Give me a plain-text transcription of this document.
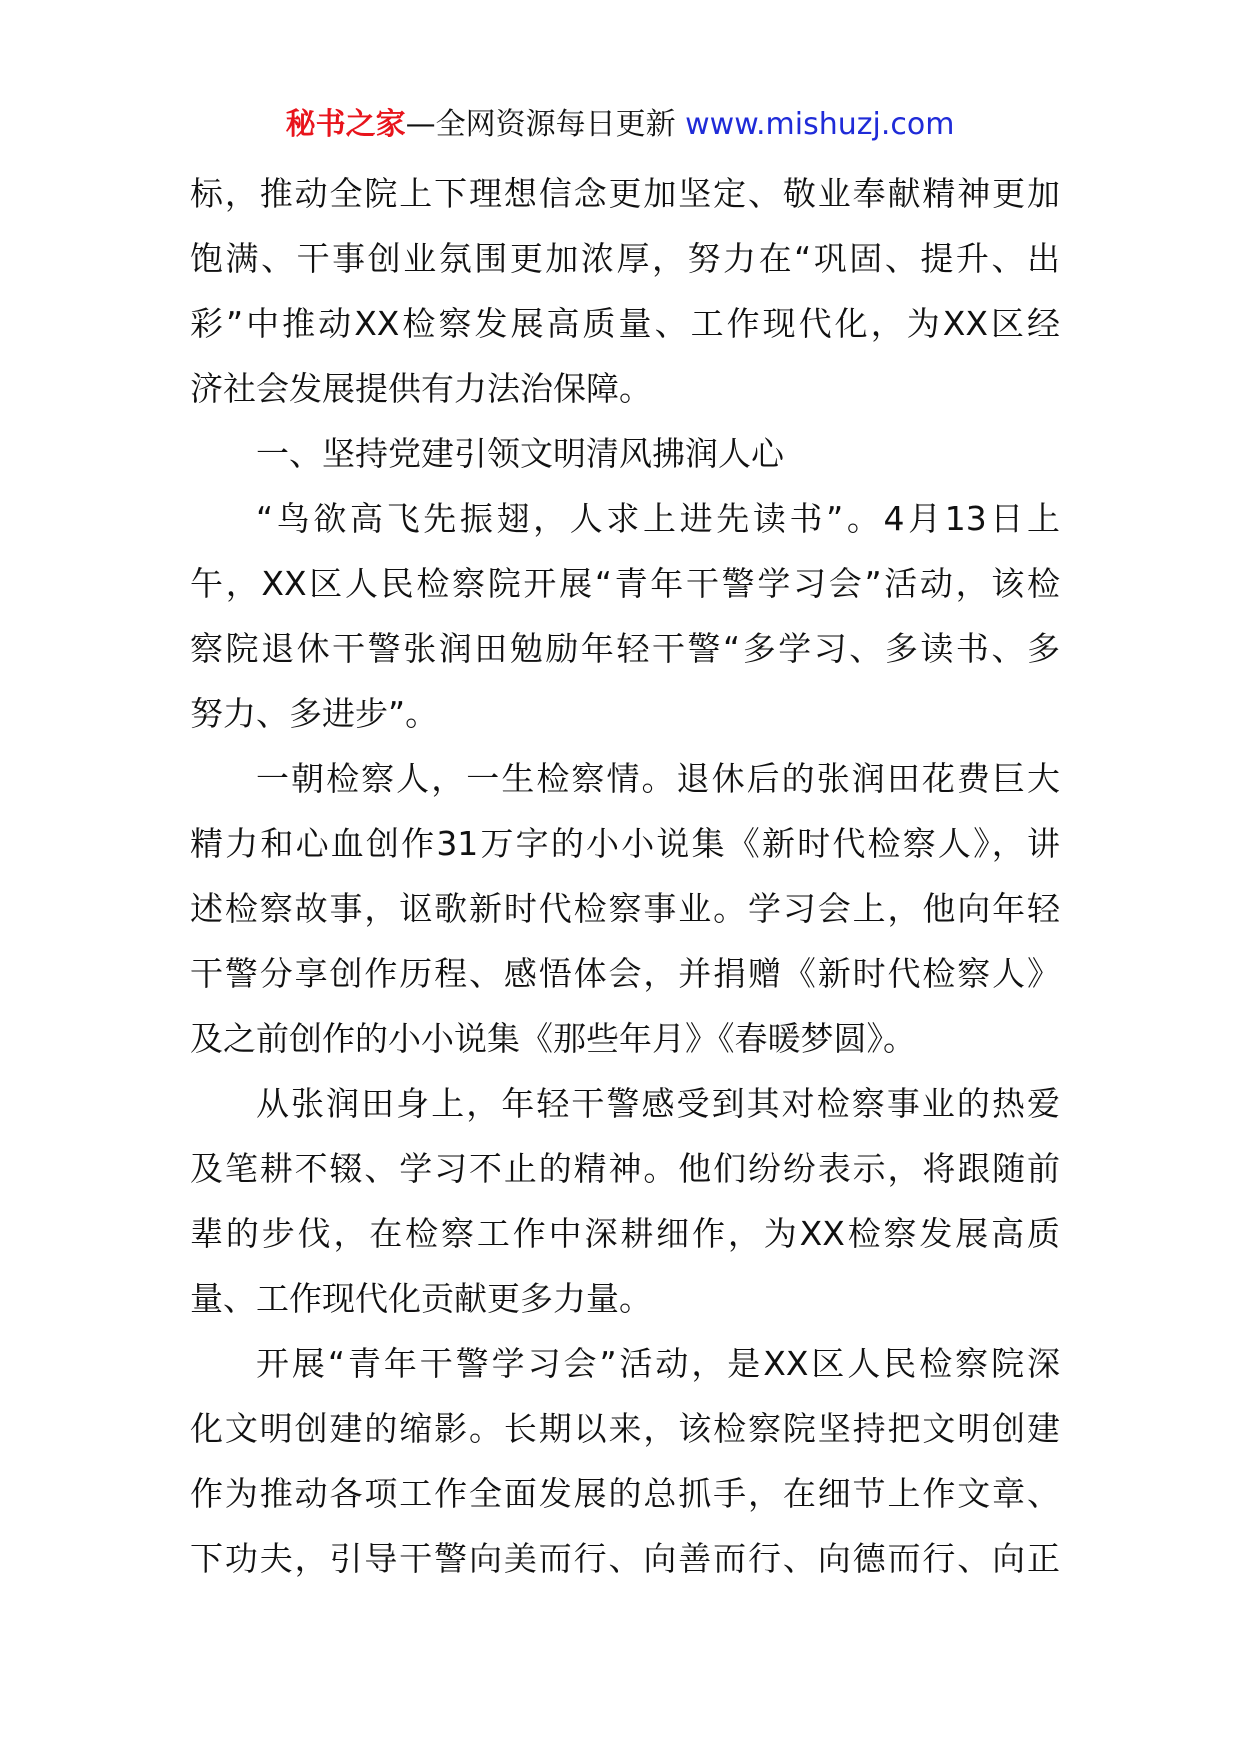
秘书之家—全网资源每日更新 www.mishuzj.com
标，推动全院上下理想信念更加坚定、敬业奉献精神更加
饱满、干事创业氛围更加浓厚，努力在“巩固、提升、出
彩”中推动XX检察发展高质量、工作现代化，为XX区经
济社会发展提供有力法治保障。
一、坚持党建引领文明清风拂润人心
“鸟欲高飞先振翅，人求上进先读书”。4月13日上
午，XX区人民检察院开展“青年干警学习会”活动，该检
察院退休干警张润田勉励年轻干警“多学习、多读书、多
努力、多进步”。
一朝检察人，一生检察情。退休后的张润田花费巨大
精力和心血创作31万字的小小说集《新时代检察人》，讲
述检察故事，讴歌新时代检察事业。学习会上，他向年轻
干警分享创作历程、感悟体会，并捐赠《新时代检察人》
及之前创作的小小说集《那些年月》《春暖梦圆》。
从张润田身上，年轻干警感受到其对检察事业的热爱
及笔耕不辍、学习不止的精神。他们纷纷表示，将跟随前
辈的步伐，在检察工作中深耕细作，为XX检察发展高质
量、工作现代化贡献更多力量。
开展“青年干警学习会”活动，是XX区人民检察院深
化文明创建的缩影。长期以来，该检察院坚持把文明创建
作为推动各项工作全面发展的总抓手，在细节上作文章、
下功夫，引导干警向美而行、向善而行、向德而行、向正
